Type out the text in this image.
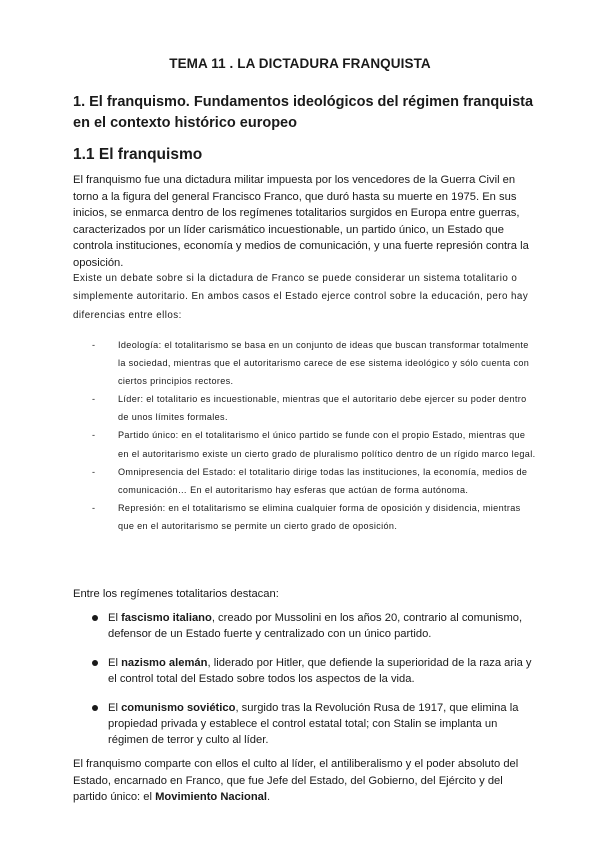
TEMA 11 . LA DICTADURA FRANQUISTA
1. El franquismo. Fundamentos ideológicos del régimen franquista en el contexto histórico europeo
1.1 El franquismo
El franquismo fue una dictadura militar impuesta por los vencedores de la Guerra Civil en torno a la figura del general Francisco Franco, que duró hasta su muerte en 1975. En sus inicios, se enmarca dentro de los regímenes totalitarios surgidos en Europa entre guerras, caracterizados por un líder carismático incuestionable, un partido único, un Estado que controla instituciones, economía y medios de comunicación, y una fuerte represión contra la oposición.
Existe un debate sobre si la dictadura de Franco se puede considerar un sistema totalitario o simplemente autoritario. En ambos casos el Estado ejerce control sobre la educación, pero hay diferencias entre ellos:
- Ideología: el totalitarismo se basa en un conjunto de ideas que buscan transformar totalmente la sociedad, mientras que el autoritarismo carece de ese sistema ideológico y sólo cuenta con ciertos principios rectores.
- Líder: el totalitario es incuestionable, mientras que el autoritario debe ejercer su poder dentro de unos límites formales.
- Partido único: en el totalitarismo el único partido se funde con el propio Estado, mientras que en el autoritarismo existe un cierto grado de pluralismo político dentro de un rígido marco legal.
- Omnipresencia del Estado: el totalitario dirige todas las instituciones, la economía, medios de comunicación… En el autoritarismo hay esferas que actúan de forma autónoma.
- Represión: en el totalitarismo se elimina cualquier forma de oposición y disidencia, mientras que en el autoritarismo se permite un cierto grado de oposición.
Entre los regímenes totalitarios destacan:
El fascismo italiano, creado por Mussolini en los años 20, contrario al comunismo, defensor de un Estado fuerte y centralizado con un único partido.
El nazismo alemán, liderado por Hitler, que defiende la superioridad de la raza aria y el control total del Estado sobre todos los aspectos de la vida.
El comunismo soviético, surgido tras la Revolución Rusa de 1917, que elimina la propiedad privada y establece el control estatal total; con Stalin se implanta un régimen de terror y culto al líder.
El franquismo comparte con ellos el culto al líder, el antiliberalismo y el poder absoluto del Estado, encarnado en Franco, que fue Jefe del Estado, del Gobierno, del Ejército y del partido único: el Movimiento Nacional.
